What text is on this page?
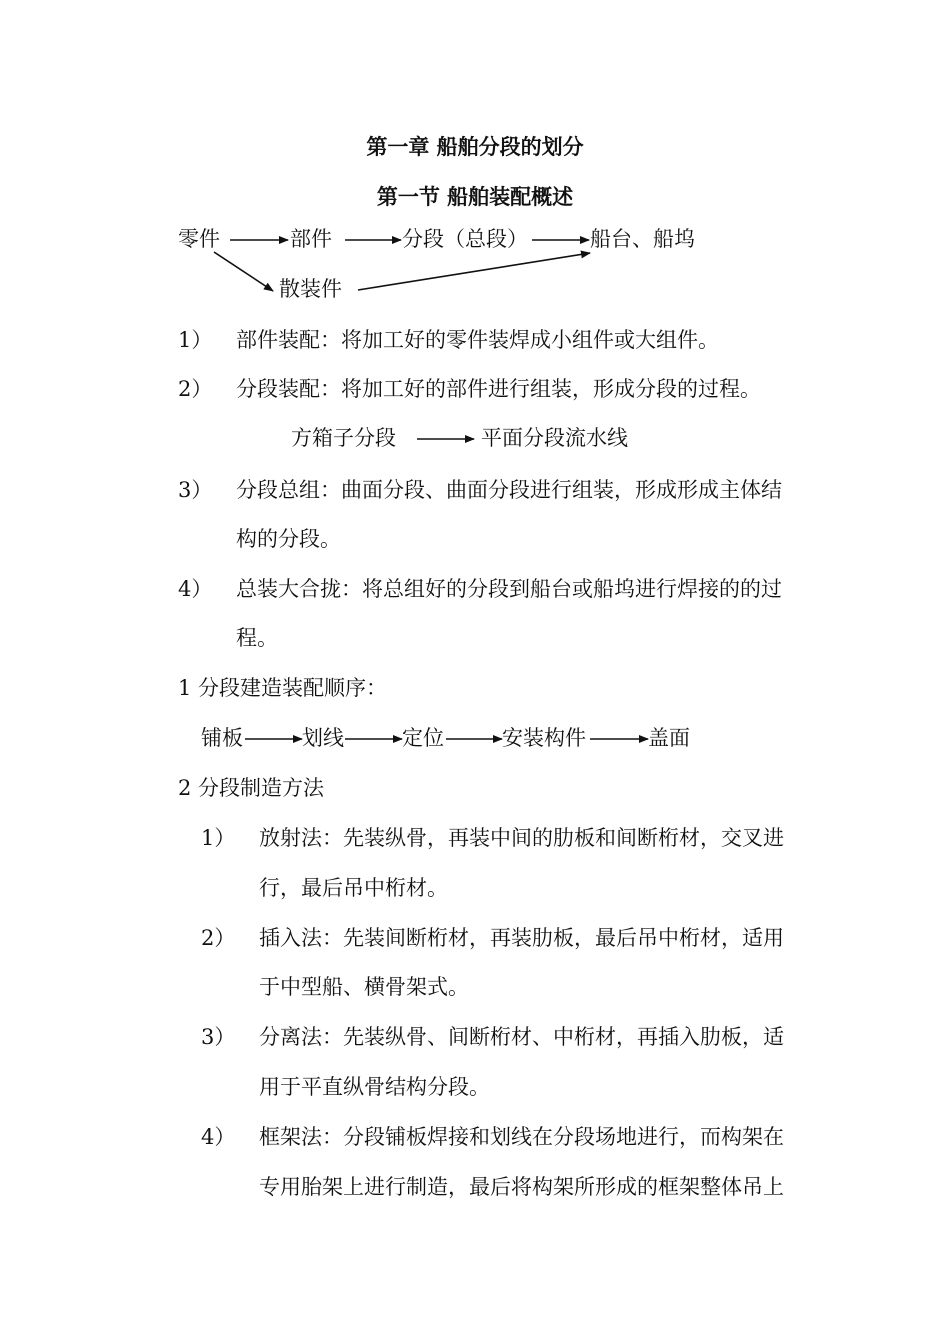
第一章 船舶分段的划分
第一节 船舶装配概述
零件	部件	分段（总段）	船台、船坞
散装件
1） 部件装配：将加工好的零件装焊成小组件或大组件。
2） 分段装配：将加工好的部件进行组装，形成分段的过程。
方箱子分段	平面分段流水线
3） 分段总组：曲面分段、曲面分段进行组装，形成形成主体结
构的分段。
4） 总装大合拢：将总组好的分段到船台或船坞进行焊接的的过
程。
1 分段建造装配顺序：
铺板	划线	定位	安装构件	盖面
2 分段制造方法
1） 放射法：先装纵骨，再装中间的肋板和间断桁材，交叉进
行，最后吊中桁材。
2） 插入法：先装间断桁材，再装肋板，最后吊中桁材，适用
于中型船、横骨架式。
3） 分离法：先装纵骨、间断桁材、中桁材，再插入肋板，适
用于平直纵骨结构分段。
4） 框架法：分段铺板焊接和划线在分段场地进行，而构架在
专用胎架上进行制造，最后将构架所形成的框架整体吊上
